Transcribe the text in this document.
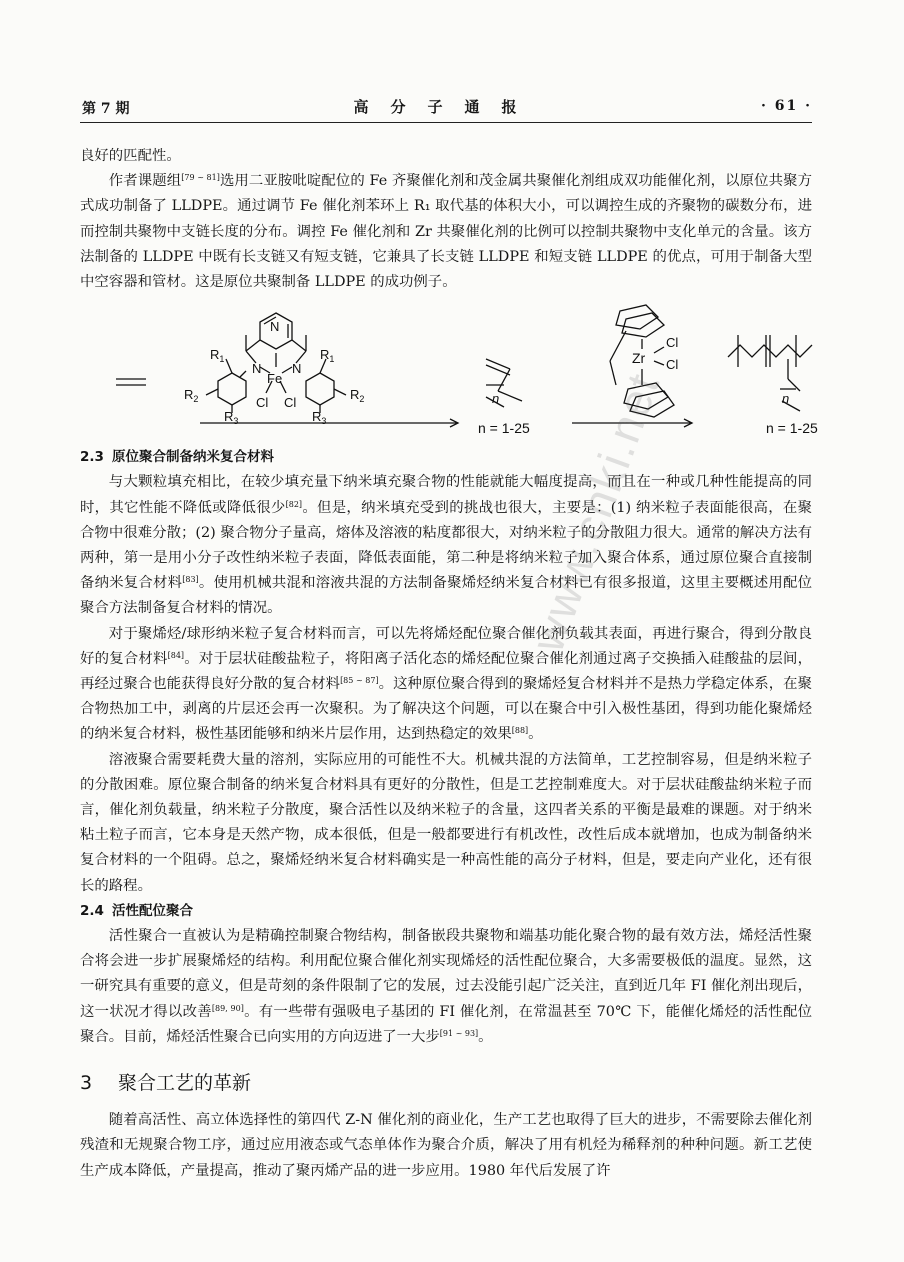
第 7 期	高分子通报	· 61 ·

良好的匹配性。

作者课题组[79 ~ 81]选用二亚胺吡啶配位的 Fe 齐聚催化剂和茂金属共聚催化剂组成双功能催化剂，以原位共聚方式成功制备了 LLDPE。通过调节 Fe 催化剂苯环上 R₁ 取代基的体积大小，可以调控生成的齐聚物的碳数分布，进而控制共聚物中支链长度的分布。调控 Fe 催化剂和 Zr 共聚催化剂的比例可以控制共聚物中支化单元的含量。该方法制备的 LLDPE 中既有长支链又有短支链，它兼具了长支链 LLDPE 和短支链 LLDPE 的优点，可用于制备大型中空容器和管材。这是原位共聚制备 LLDPE 的成功例子。

N
N N
Fe
Cl Cl
$R_1$	$R_1$
$R_2$	$R_2$
$R_3$	$R_3$
n
n = 1-25
Zr
Cl
Cl
n
n = 1-25
2.3 原位聚合制备纳米复合材料

与大颗粒填充相比，在较少填充量下纳米填充聚合物的性能就能大幅度提高，而且在一种或几种性能提高的同时，其它性能不降低或降低很少[82]。但是，纳米填充受到的挑战也很大，主要是：(1) 纳米粒子表面能很高，在聚合物中很难分散；(2) 聚合物分子量高，熔体及溶液的粘度都很大，对纳米粒子的分散阻力很大。通常的解决方法有两种，第一是用小分子改性纳米粒子表面，降低表面能，第二种是将纳米粒子加入聚合体系，通过原位聚合直接制备纳米复合材料[83]。使用机械共混和溶液共混的方法制备聚烯烃纳米复合材料已有很多报道，这里主要概述用配位聚合方法制备复合材料的情况。

对于聚烯烃/球形纳米粒子复合材料而言，可以先将烯烃配位聚合催化剂负载其表面，再进行聚合，得到分散良好的复合材料[84]。对于层状硅酸盐粒子，将阳离子活化态的烯烃配位聚合催化剂通过离子交换插入硅酸盐的层间，再经过聚合也能获得良好分散的复合材料[85 ~ 87]。这种原位聚合得到的聚烯烃复合材料并不是热力学稳定体系，在聚合物热加工中，剥离的片层还会再一次聚积。为了解决这个问题，可以在聚合中引入极性基团，得到功能化聚烯烃的纳米复合材料，极性基团能够和纳米片层作用，达到热稳定的效果[88]。

溶液聚合需要耗费大量的溶剂，实际应用的可能性不大。机械共混的方法简单，工艺控制容易，但是纳米粒子的分散困难。原位聚合制备的纳米复合材料具有更好的分散性，但是工艺控制难度大。对于层状硅酸盐纳米粒子而言，催化剂负载量，纳米粒子分散度，聚合活性以及纳米粒子的含量，这四者关系的平衡是最难的课题。对于纳米粘土粒子而言，它本身是天然产物，成本很低，但是一般都要进行有机改性，改性后成本就增加，也成为制备纳米复合材料的一个阻碍。总之，聚烯烃纳米复合材料确实是一种高性能的高分子材料，但是，要走向产业化，还有很长的路程。

2.4 活性配位聚合

活性聚合一直被认为是精确控制聚合物结构，制备嵌段共聚物和端基功能化聚合物的最有效方法，烯烃活性聚合将会进一步扩展聚烯烃的结构。利用配位聚合催化剂实现烯烃的活性配位聚合，大多需要极低的温度。显然，这一研究具有重要的意义，但是苛刻的条件限制了它的发展，过去没能引起广泛关注，直到近几年 FI 催化剂出现后，这一状况才得以改善[89, 90]。有一些带有强吸电子基团的 FI 催化剂，在常温甚至 70℃ 下，能催化烯烃的活性配位聚合。目前，烯烃活性聚合已向实用的方向迈进了一大步[91 ~ 93]。

3 聚合工艺的革新

随着高活性、高立体选择性的第四代 Z-N 催化剂的商业化，生产工艺也取得了巨大的进步，不需要除去催化剂残渣和无规聚合物工序，通过应用液态或气态单体作为聚合介质，解决了用有机烃为稀释剂的种种问题。新工艺使生产成本降低，产量提高，推动了聚丙烯产品的进一步应用。1980 年代后发展了许

www.cnki.net
